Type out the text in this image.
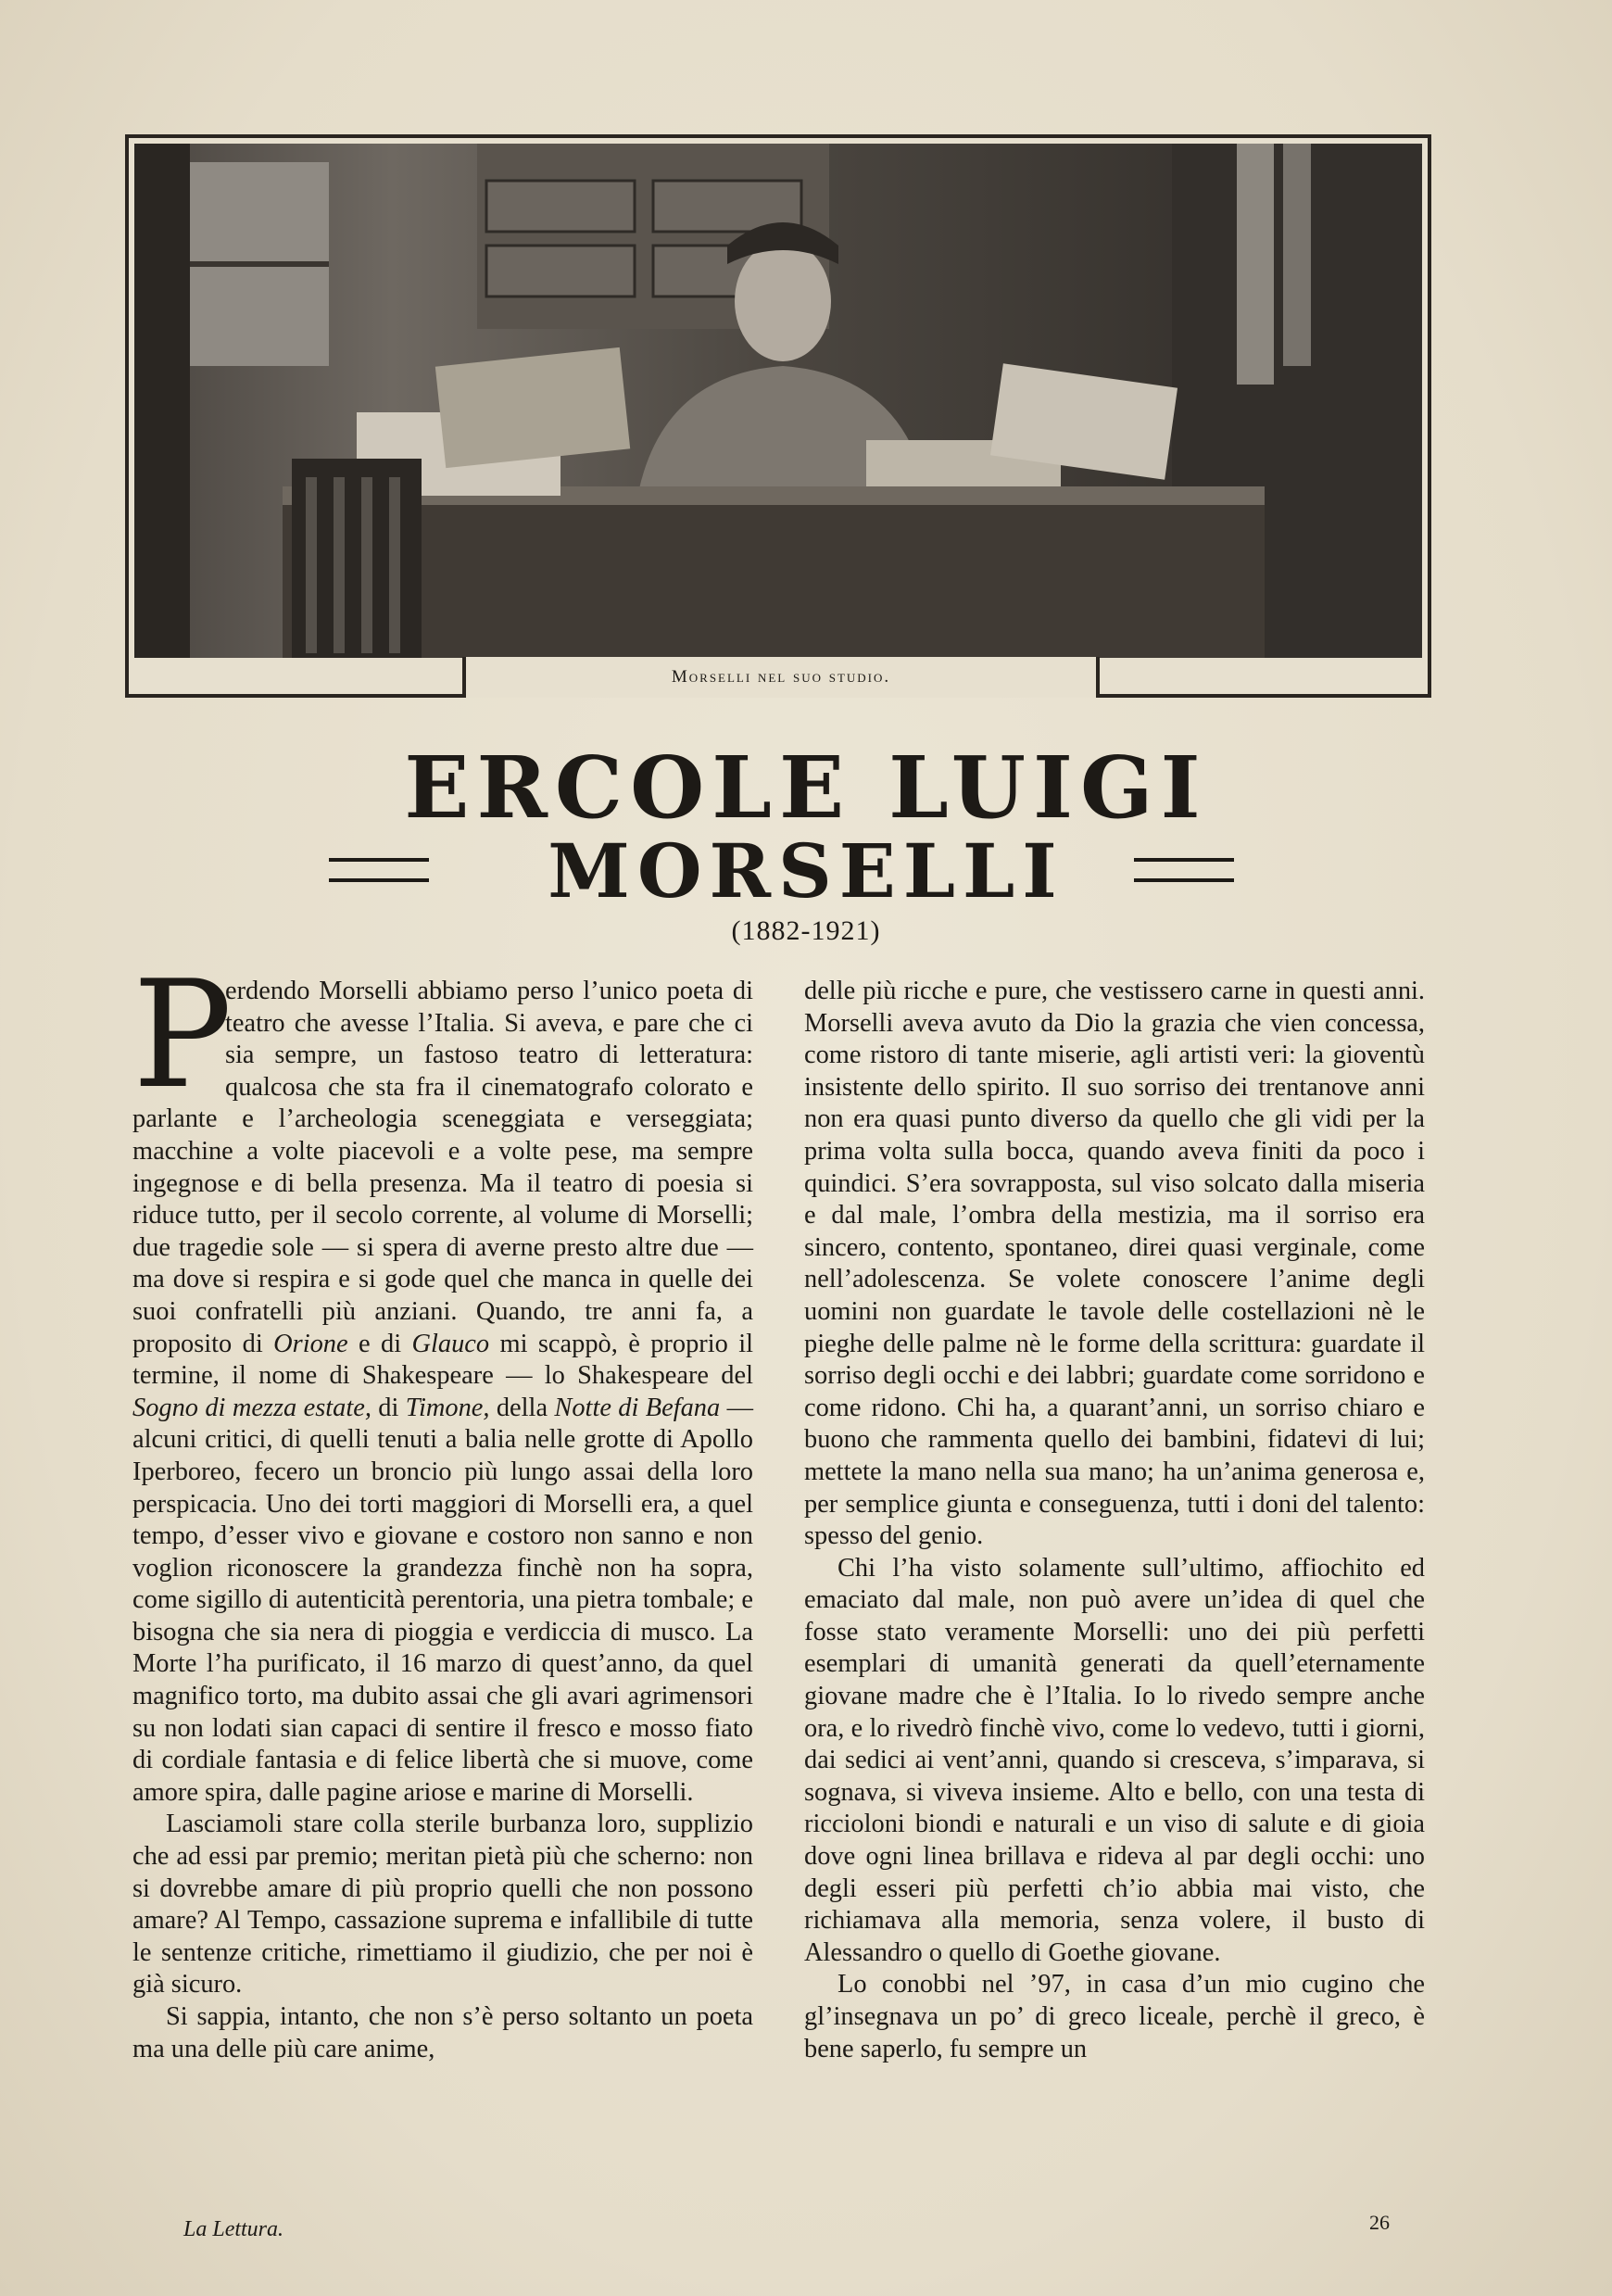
Morselli nel suo studio.
ERCOLE LUIGI
MORSELLI
(1882-1921)

P
erdendo Morselli abbiamo perso l’unico poeta di teatro che avesse l’Italia. Si aveva, e pare che ci sia sempre, un fastoso teatro di letteratura: qualcosa che sta fra il cinematografo colorato e parlante e l’archeologia sceneggiata e verseggiata; macchine a volte piacevoli e a volte pese, ma sempre ingegnose e di bella presenza. Ma il teatro di poesia si riduce tutto, per il secolo corrente, al volume di Morselli; due tragedie sole — si spera di averne presto altre due — ma dove si respira e si gode quel che manca in quelle dei suoi confratelli più anziani. Quando, tre anni fa, a proposito di Orione e di Glauco mi scappò, è proprio il termine, il nome di Shakespeare — lo Shakespeare del Sogno di mezza estate, di Timone, della Notte di Befana — alcuni critici, di quelli tenuti a balia nelle grotte di Apollo Iperboreo, fecero un broncio più lungo assai della loro perspicacia. Uno dei torti maggiori di Morselli era, a quel tempo, d’esser vivo e giovane e costoro non sanno e non voglion riconoscere la grandezza finchè non ha sopra, come sigillo di autenticità perentoria, una pietra tombale; e bisogna che sia nera di pioggia e verdiccia di musco. La Morte l’ha purificato, il 16 marzo di quest’anno, da quel magnifico torto, ma dubito assai che gli avari agrimensori su non lodati sian capaci di sentire il fresco e mosso fiato di cordiale fantasia e di felice libertà che si muove, come amore spira, dalle pagine ariose e marine di Morselli.

Lasciamoli stare colla sterile burbanza loro, supplizio che ad essi par premio; meritan pietà più che scherno: non si dovrebbe amare di più proprio quelli che non possono amare? Al Tempo, cassazione suprema e infallibile di tutte le sentenze critiche, rimettiamo il giudizio, che per noi è già sicuro.

Si sappia, intanto, che non s’è perso soltanto un poeta ma una delle più care anime,

delle più ricche e pure, che vestissero carne in questi anni. Morselli aveva avuto da Dio la grazia che vien concessa, come ristoro di tante miserie, agli artisti veri: la gioventù insistente dello spirito. Il suo sorriso dei trentanove anni non era quasi punto diverso da quello che gli vidi per la prima volta sulla bocca, quando aveva finiti da poco i quindici. S’era sovrapposta, sul viso solcato dalla miseria e dal male, l’ombra della mestizia, ma il sorriso era sincero, contento, spontaneo, direi quasi verginale, come nell’adolescenza. Se volete conoscere l’anime degli uomini non guardate le tavole delle costellazioni nè le pieghe delle palme nè le forme della scrittura: guardate il sorriso degli occhi e dei labbri; guardate come sorridono e come ridono. Chi ha, a quarant’anni, un sorriso chiaro e buono che rammenta quello dei bambini, fidatevi di lui; mettete la mano nella sua mano; ha un’anima generosa e, per semplice giunta e conseguenza, tutti i doni del talento: spesso del genio.

Chi l’ha visto solamente sull’ultimo, affiochito ed emaciato dal male, non può avere un’idea di quel che fosse stato veramente Morselli: uno dei più perfetti esemplari di umanità generati da quell’eternamente giovane madre che è l’Italia. Io lo rivedo sempre anche ora, e lo rivedrò finchè vivo, come lo vedevo, tutti i giorni, dai sedici ai vent’anni, quando si cresceva, s’imparava, si sognava, si viveva insieme. Alto e bello, con una testa di riccioloni biondi e naturali e un viso di salute e di gioia dove ogni linea brillava e rideva al par degli occhi: uno degli esseri più perfetti ch’io abbia mai visto, che richiamava alla memoria, senza volere, il busto di Alessandro o quello di Goethe giovane.

Lo conobbi nel ’97, in casa d’un mio cugino che gl’insegnava un po’ di greco liceale, perchè il greco, è bene saperlo, fu sempre un

La Lettura.	26
